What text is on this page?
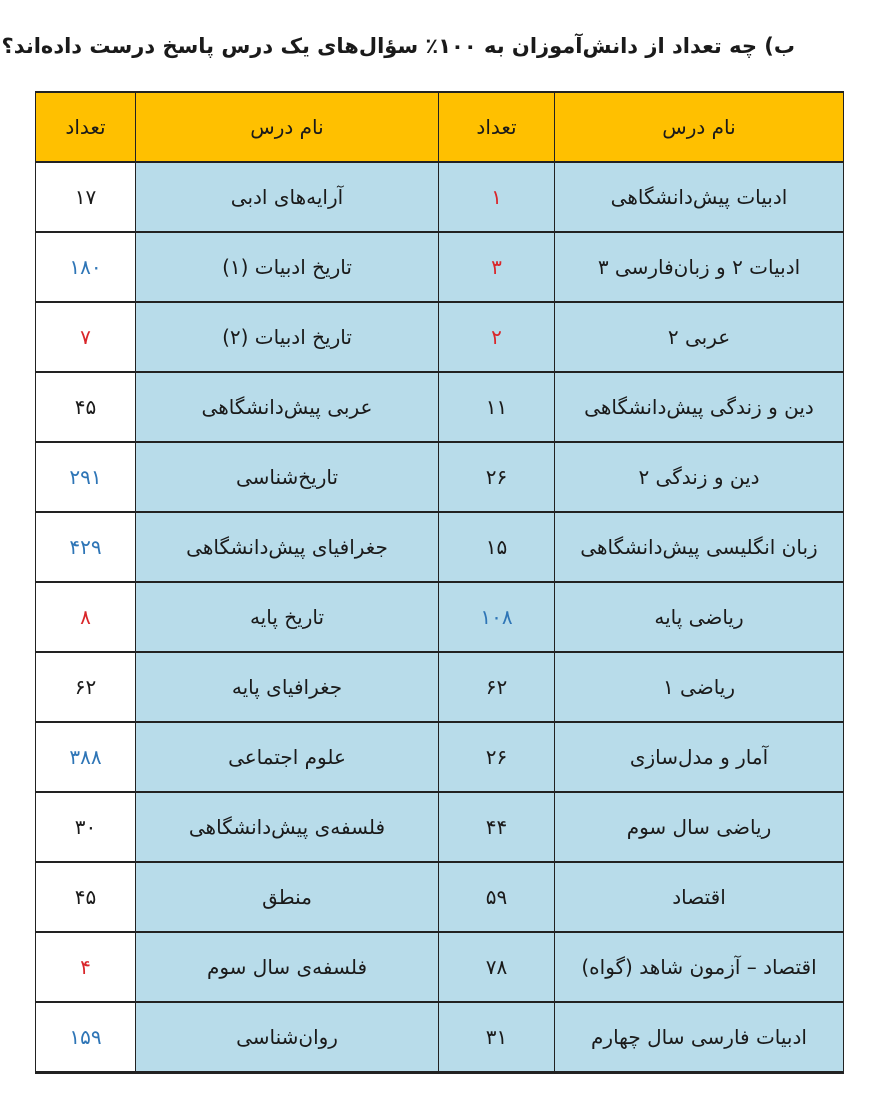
ب) چه تعداد از دانش‌آموزان به ۱۰۰٪ سؤال‌های یک درس پاسخ درست داده‌اند؟
نام درس	تعداد	نام درس	تعداد
ادبیات پیش‌دانشگاهی	۱	آرایه‌های ادبی	۱۷
ادبیات ۲ و زبان‌فارسی ۳	۳	تاریخ ادبیات (۱)	۱۸۰
عربی ۲	۲	تاریخ ادبیات (۲)	۷
دین و زندگی پیش‌دانشگاهی	۱۱	عربی پیش‌دانشگاهی	۴۵
دین و زندگی ۲	۲۶	تاریخ‌شناسی	۲۹۱
زبان انگلیسی پیش‌دانشگاهی	۱۵	جغرافیای پیش‌دانشگاهی	۴۲۹
ریاضی پایه	۱۰۸	تاریخ پایه	۸
ریاضی ۱	۶۲	جغرافیای پایه	۶۲
آمار و مدل‌سازی	۲۶	علوم اجتماعی	۳۸۸
ریاضی سال سوم	۴۴	فلسفه‌ی پیش‌دانشگاهی	۳۰
اقتصاد	۵۹	منطق	۴۵
اقتصاد – آزمون شاهد (گواه)	۷۸	فلسفه‌ی سال سوم	۴
ادبیات فارسی سال چهارم	۳۱	روان‌شناسی	۱۵۹
